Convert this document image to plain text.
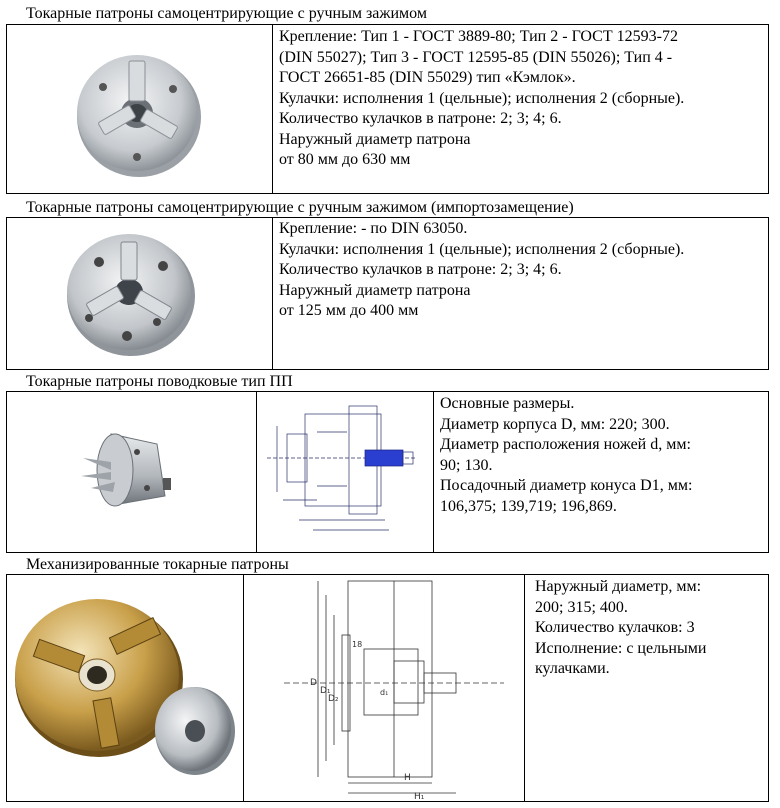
Токарные патроны самоцентрирующие с ручным зажимом
Крепление: Тип 1 - ГОСТ 3889-80; Тип 2 - ГОСТ 12593-72
(DIN 55027); Тип 3 - ГОСТ 12595-85 (DIN 55026); Тип 4 -
ГОСТ 26651-85 (DIN 55029) тип «Кэмлок».
Кулачки: исполнения 1 (цельные); исполнения 2 (сборные).
Количество кулачков в патроне: 2; 3; 4; 6.
Наружный диаметр патрона
от 80 мм до 630 мм
Токарные патроны самоцентрирующие с ручным зажимом (импортозамещение)
Крепление: - по DIN 63050.
Кулачки: исполнения 1 (цельные); исполнения 2 (сборные).
Количество кулачков в патроне: 2; 3; 4; 6.
Наружный диаметр патрона
от 125 мм до 400 мм
Токарные патроны поводковые тип ПП
Основные размеры.
Диаметр корпуса D, мм: 220; 300.
Диаметр расположения ножей d, мм:
90; 130.
Посадочный диаметр конуса D1, мм:
106,375; 139,719; 196,869.
Механизированные токарные патроны
D
D₁
D₂
H
H₁
d₁
18
Наружный диаметр, мм:
200; 315; 400.
Количество кулачков: 3
Исполнение: с цельными
кулачками.
